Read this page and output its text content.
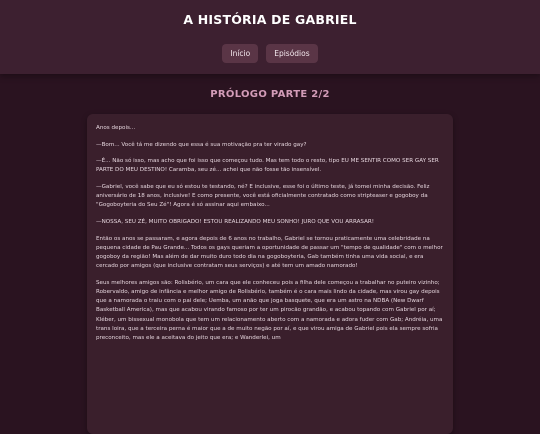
A HISTÓRIA DE GABRIEL
Início	Episódios
PRÓLOGO PARTE 2/2

Anos depois...

—Bom... Você tá me dizendo que essa é sua motivação pra ter virado gay?

—É... Não só isso, mas acho que foi isso que começou tudo. Mas tem todo o resto, tipo EU ME SENTIR COMO SER GAY SER PARTE DO MEU DESTINO! Caramba, seu zé... achei que não fosse tão insensível.

—Gabriel, você sabe que eu só estou te testando, né? E inclusive, esse foi o último teste, já tomei minha decisão. Feliz aniversário de 18 anos, inclusive! E como presente, você está oficialmente contratado como stripteaser e gogoboy da "Gogoboyteria do Seu Zé"! Agora é só assinar aqui embaixo...

—NOSSA, SEU ZÉ, MUITO OBRIGADO! ESTOU REALIZANDO MEU SONHO! JURO QUE VOU ARRASAR!

Então os anos se passaram, e agora depois de 6 anos no trabalho, Gabriel se tornou praticamente uma celebridade na pequena cidade de Pau Grande... Todos os gays queriam a oportunidade de passar um "tempo de qualidade" com o melhor gogoboy da região! Mas além de dar muito duro todo dia na gogoboyteria, Gab também tinha uma vida social, e era cercado por amigos (que inclusive contratam seus serviços) e até tem um amado namorado!

Seus melhores amigos são: Rolisbério, um cara que ele conheceu pois a filha dele começou a trabalhar no puteiro vizinho; Robervaldo, amigo de infância e melhor amigo de Rolisbério, também é o cara mais lindo da cidade, mas virou gay depois que a namorada o traiu com o pai dele; Uemba, um anão que joga basquete, que era um astro na NDBA (New Dwarf Basketball America), mas que acabou virando famoso por ter um pirocão grandão, e acabou topando com Gabriel por aí; Kléber, um bissexual monobola que tem um relacionamento aberto com a namorada e adora fuder com Gab; Andréia, uma trans loira, que a terceira perna é maior que a de muito negão por aí, e que virou amiga de Gabriel pois ela sempre sofria preconceito, mas ele a aceitava do jeito que era; e Wanderlei, um
